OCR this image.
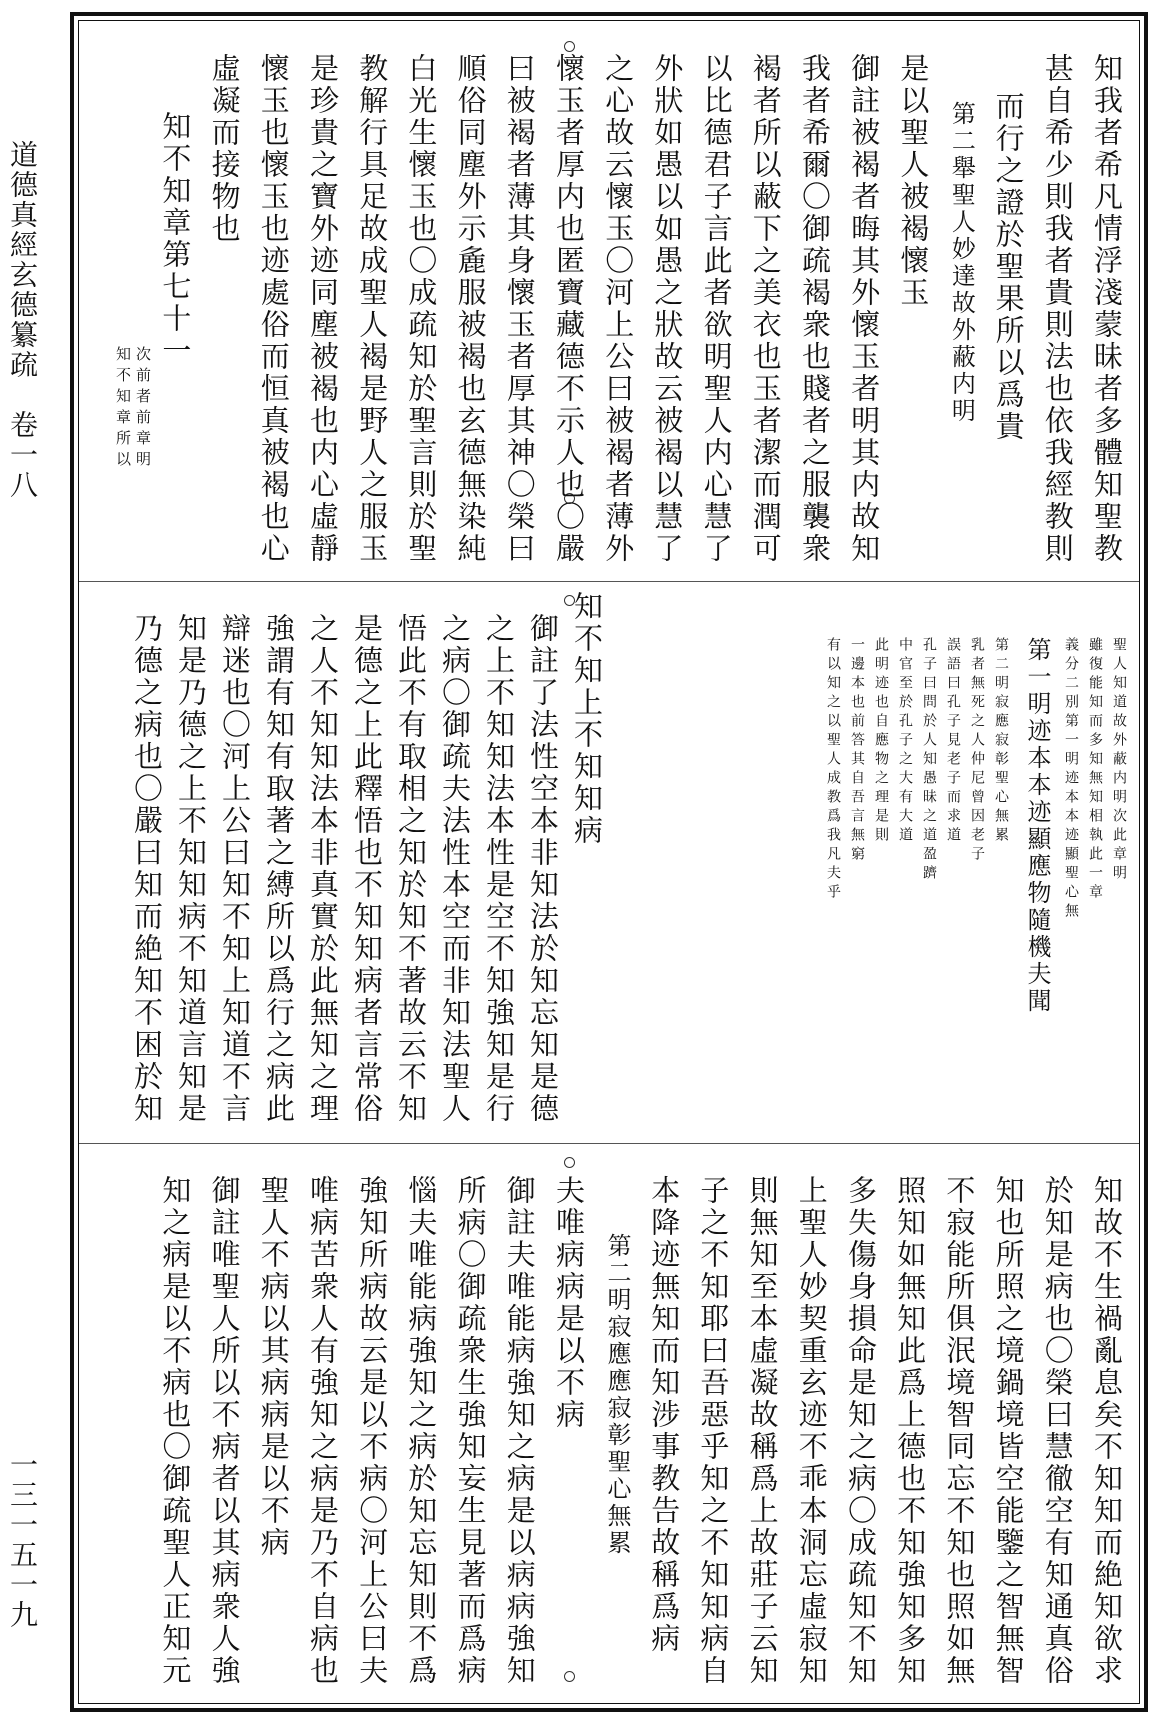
道德真經玄德纂疏　卷一八
一三一五一九
知我者希凡情浮淺蒙昧者多體知聖教
甚自希少則我者貴則法也依我經教則
而行之證於聖果所以爲貴
第二舉聖人妙達故外蔽内明
是以聖人被褐懷玉
御註被褐者晦其外懷玉者明其内故知
我者希爾〇御疏褐衆也賤者之服襲衆
褐者所以蔽下之美衣也玉者潔而潤可
以比德君子言此者欲明聖人内心慧了
外狀如愚以如愚之狀故云被褐以慧了
之心故云懷玉〇河上公曰被褐者薄外
懷玉者厚内也匿寶藏德不示人也〇嚴
曰被褐者薄其身懷玉者厚其神〇榮曰
順俗同塵外示麁服被褐也玄德無染純
白光生懷玉也〇成疏知於聖言則於聖
教解行具足故成聖人褐是野人之服玉
是珍貴之寶外迹同塵被褐也内心虛靜
懷玉也懷玉也迹處俗而恒真被褐也心
虛凝而接物也
知不知章第七十一
知不知章所以 次前者前章明
知不知上不知知病
御註了法性空本非知法於知忘知是德
之上不知知法本性是空不知強知是行
之病〇御疏夫法性本空而非知法聖人
悟此不有取相之知於知不著故云不知
是德之上此釋悟也不知知病者言常俗
之人不知知法本非真實於此無知之理
強謂有知有取著之縛所以爲行之病此
辯迷也〇河上公曰知不知上知道不言
知是乃德之上不知知病不知道言知是
乃德之病也〇嚴曰知而絶知不困於知	聖人知道故外蔽内明次此章明
雖復能知而多知無知相執此一章
義分二別第一明迹本本迹顯聖心無
第一明迹本本迹顯應物隨機夫聞
第二明寂應寂彰聖心無累
乳者無死之人仲尼曾因老子
誤語曰孔子見老子而求道
孔子曰問於人知愚昧之道盈躋
中官至於孔子之大有大道
此明迹也自應物之理是則
一邊本也前答其自吾言無窮
有以知之以聖人成教爲我凡夫乎
知故不生禍亂息矣不知知而絶知欲求
於知是病也〇榮曰慧徹空有知通真俗
知也所照之境鍋境皆空能鑒之智無智
不寂能所俱泯境智同忘不知也照如無
照知如無知此爲上德也不知強知多知
多失傷身損命是知之病〇成疏知不知
上聖人妙契重玄迹不乖本洞忘虛寂知
則無知至本虛凝故稱爲上故莊子云知
子之不知耶曰吾惡乎知之不知知病自
本降迹無知而知涉事教告故稱爲病
第二明寂應應寂彰聖心無累
夫唯病病是以不病
御註夫唯能病強知之病是以病病強知
所病〇御疏衆生強知妄生見著而爲病
惱夫唯能病強知之病於知忘知則不爲
強知所病故云是以不病〇河上公曰夫
唯病苦衆人有強知之病是乃不自病也
聖人不病以其病病是以不病
御註唯聖人所以不病者以其病衆人強
知之病是以不病也〇御疏聖人正知元
